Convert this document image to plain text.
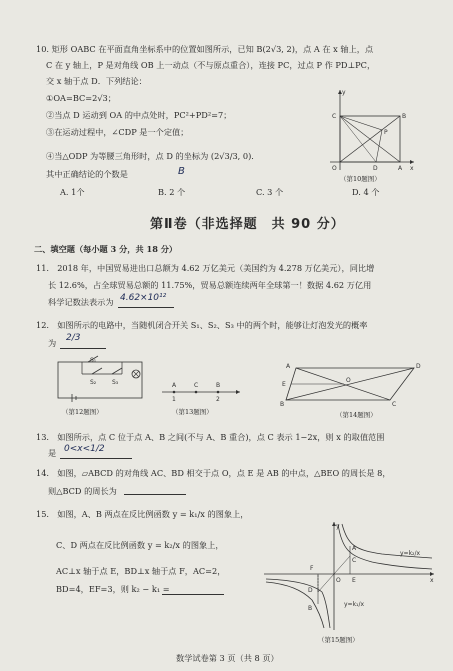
10. 矩形 OABC 在平面直角坐标系中的位置如图所示，已知 B(2√3, 2)，点 A 在 x 轴上，点
C 在 y 轴上，P 是对角线 OB 上一动点（不与原点重合），连接 PC，过点 P 作 PD⊥PC，
交 x 轴于点 D．下列结论：
①OA=BC=2√3；
②当点 D 运动到 OA 的中点处时，PC²+PD²=7；
③在运动过程中，∠CDP 是一个定值；
④当△ODP 为等腰三角形时，点 D 的坐标为 (2√3/3, 0)．
其中正确结论的个数是	B
A. 1个	B. 2 个	C. 3 个	D. 4 个
y
x
C	B
P
O	D	A
（第10题图）
第Ⅱ卷（非选择题　共 90 分）
二、填空题（每小题 3 分，共 18 分）
11.　2018 年，中国贸易进出口总额为 4.62 万亿美元（美国约为 4.278 万亿美元），同比增
长 12.6%，占全球贸易总额的 11.75%，贸易总额连续两年全球第一！数据 4.62 万亿用
科学记数法表示为 4.62×10¹²
12.　如图所示的电路中，当随机闭合开关 S₁、S₂、S₃ 中的两个时，能够让灯泡发光的概率
为 2/3
S₁
S₂	S₃
（第12题图）
A	C	B
1	2
（第13题图）
A
E
D
O
C
B
（第14题图）
13.　如图所示，点 C 位于点 A、B 之间(不与 A、B 重合)，点 C 表示 1−2x，则 x 的取值范围
是 0<x<1/2
14.　如图，▱ABCD 的对角线 AC、BD 相交于点 O，点 E 是 AB 的中点，△BEO 的周长是 8，
则△BCD 的周长为
15.　如图，A、B 两点在反比例函数 y = k₁/x 的图象上，
C、D 两点在反比例函数 y = k₂/x 的图象上，
AC⊥x 轴于点 E，BD⊥x 轴于点 F，AC=2，
BD=4，EF=3，则 k₂ − k₁ =
y
x
O
A
C
E
F
D
B
y=k₂/x
y=k₁/x
（第15题图）
数学试卷第 3 页（共 8 页）
